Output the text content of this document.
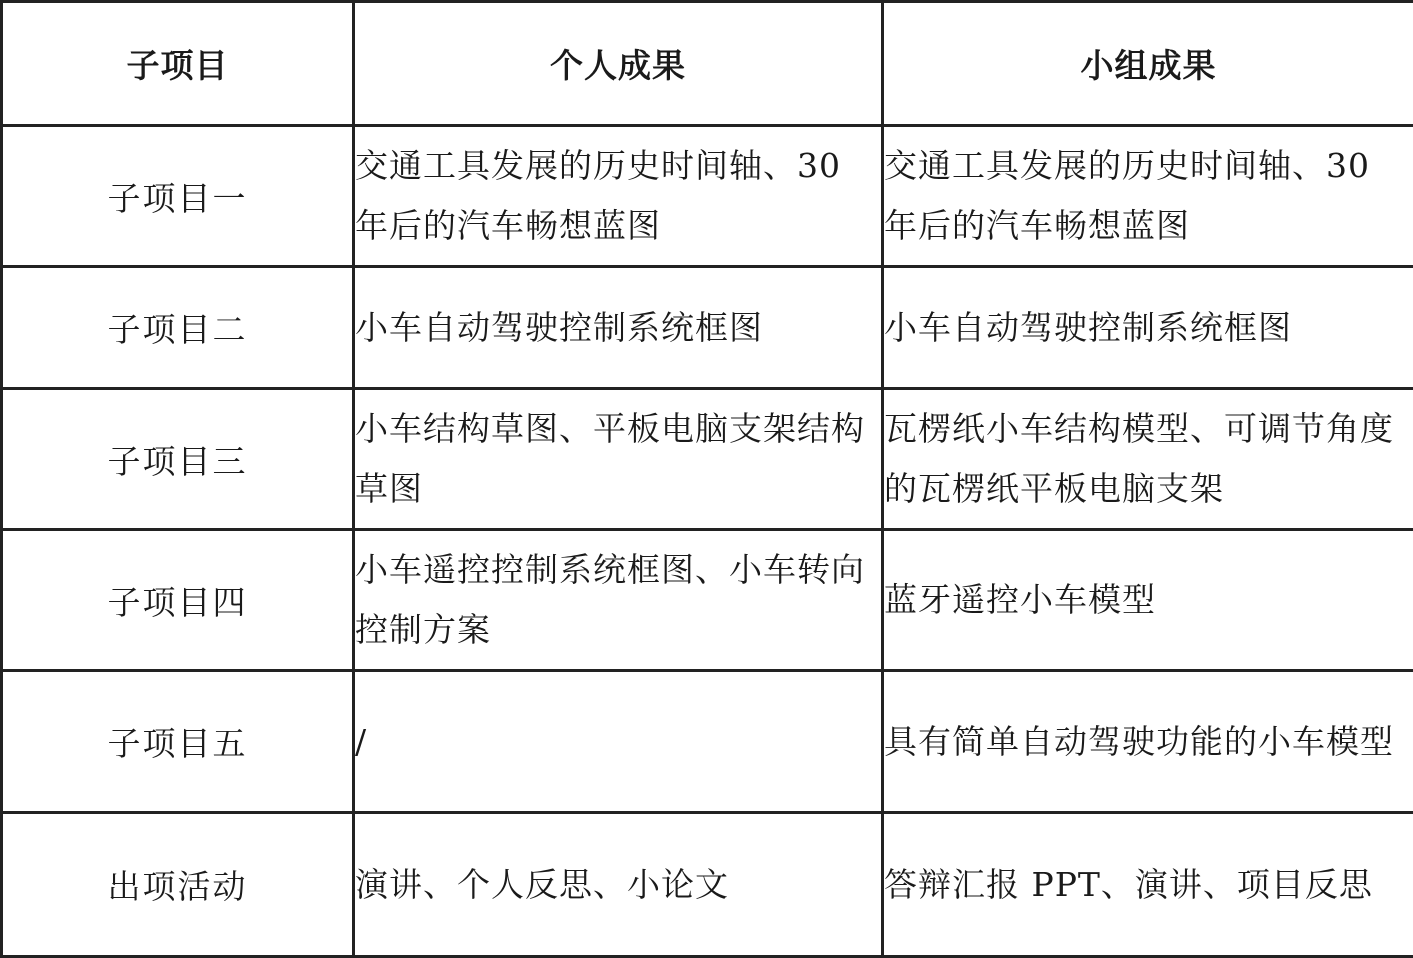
子项目	个人成果	小组成果
子项目一	交通工具发展的历史时间轴、30 年后的汽车畅想蓝图	交通工具发展的历史时间轴、30 年后的汽车畅想蓝图
子项目二	小车自动驾驶控制系统框图	小车自动驾驶控制系统框图
子项目三	小车结构草图、平板电脑支架结构草图	瓦楞纸小车结构模型、可调节角度的瓦楞纸平板电脑支架
子项目四	小车遥控控制系统框图、小车转向控制方案	蓝牙遥控小车模型
子项目五	/	具有简单自动驾驶功能的小车模型
出项活动	演讲、个人反思、小论文	答辩汇报 PPT、演讲、项目反思
